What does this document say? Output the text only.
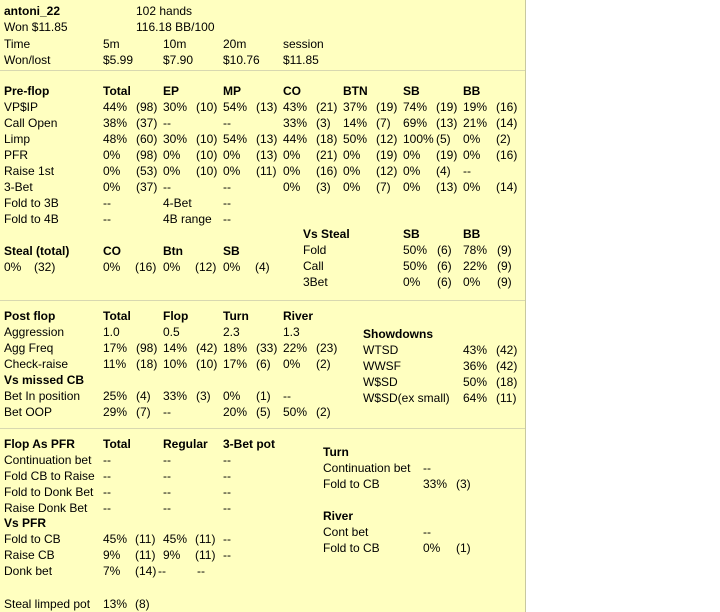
antoni_22	102 hands
Won $11.85	116.18 BB/100
Time	5m	10m	20m	session
Won/lost	$5.99 $7.90 $10.76 $11.85
Pre-flop	Total	EP	MP	CO	BTN	SB	BB
VP$IP	44% (98) 30% (10) 54% (13) 43% (21) 37% (19) 74% (19) 19% (16)
Call Open	38% (37) --	--	33% (3) 14% (7) 69% (13) 21% (14)
Limp	48% (60) 30% (10) 54% (13) 44% (18) 50% (12) 100% (5) 0% (2)
PFR	0% (98) 0% (10) 0% (13) 0% (21) 0% (19) 0% (19) 0% (16)
Raise 1st	0% (53) 0% (10) 0% (11) 0% (16) 0% (12) 0% (4) --
3-Bet	0% (37) --	--	0% (3) 0% (7) 0% (13) 0% (14)
Fold to 3B	--	4-Bet	--
Fold to 4B	--	4B range --
Steal (total)	CO	Btn	SB
0% (32)	0% (16) 0% (12) 0% (4)
Vs Steal	SB	BB
Fold	50% (6) 78% (9)
Call	50% (6) 22% (9)
3Bet	0% (6) 0% (9)
Post flop	Total	Flop	Turn	River
Aggression	1.0	0.5	2.3	1.3
Agg Freq	17% (98) 14% (42) 18% (33) 22% (23)
Check-raise	11% (18) 10% (10) 17% (6) 0% (2)
Vs missed CB
Bet In position 25% (4) 33% (3) 0% (1) --
Bet OOP	29% (7) --	20% (5) 50% (2)
Showdowns
WTSD	43% (42)
WWSF	36% (42)
W$SD	50% (18)
W$SD(ex small) 64% (11)
Flop As PFR Total	Regular 3-Bet pot
Continuation bet --	--	--
Fold CB to Raise --	--	--
Fold to Donk Bet --	--	--
Raise Donk Bet --	--	--
Vs PFR
Fold to CB	45% (11) 45% (11) --
Raise CB	9% (11) 9% (11) --
Donk bet	7% (14) --	--
Steal limped pot 13% (8)
Turn
Continuation bet --
Fold to CB	33% (3)
River
Cont bet	--
Fold to CB	0% (1)
